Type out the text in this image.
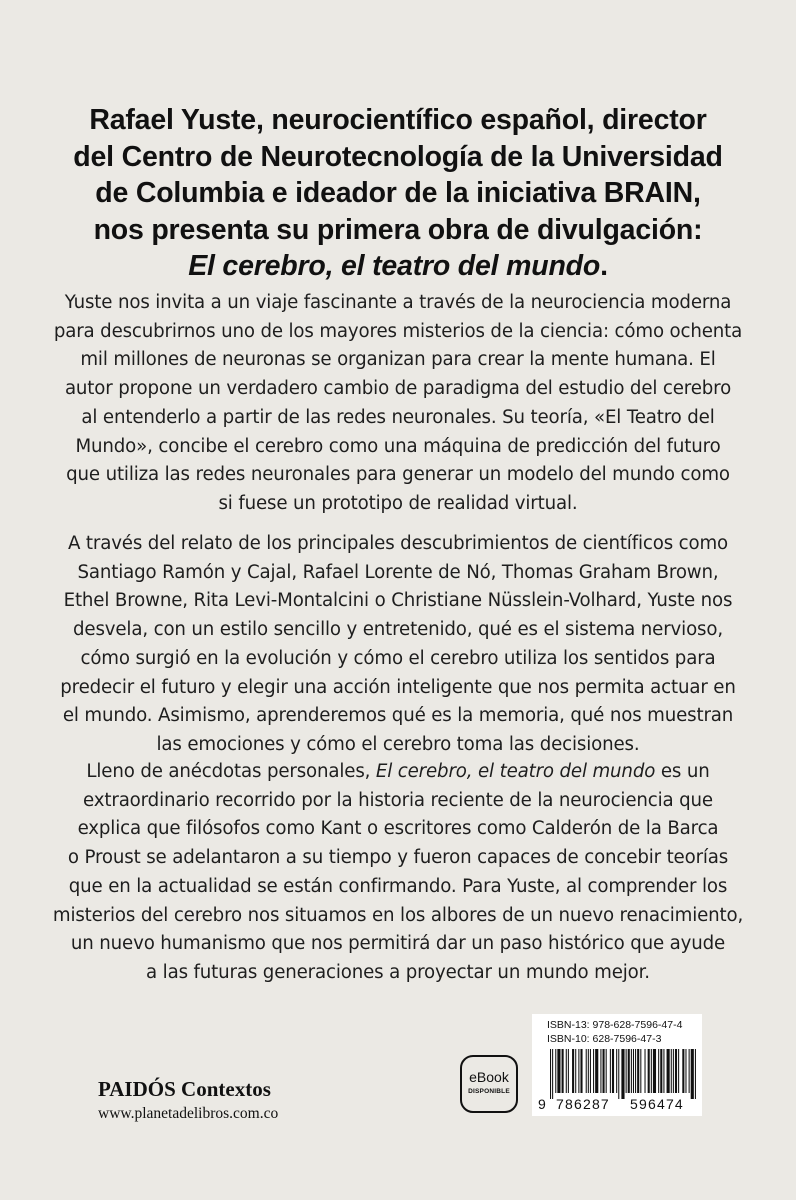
Rafael Yuste, neurocientífico español, director
del Centro de Neurotecnología de la Universidad
de Columbia e ideador de la iniciativa BRAIN,
nos presenta su primera obra de divulgación:
El cerebro, el teatro del mundo.
Yuste nos invita a un viaje fascinante a través de la neurociencia moderna
para descubrirnos uno de los mayores misterios de la ciencia: cómo ochenta
mil millones de neuronas se organizan para crear la mente humana. El
autor propone un verdadero cambio de paradigma del estudio del cerebro
al entenderlo a partir de las redes neuronales. Su teoría, «El Teatro del
Mundo», concibe el cerebro como una máquina de predicción del futuro
que utiliza las redes neuronales para generar un modelo del mundo como
si fuese un prototipo de realidad virtual.
A través del relato de los principales descubrimientos de científicos como
Santiago Ramón y Cajal, Rafael Lorente de Nó, Thomas Graham Brown,
Ethel Browne, Rita Levi-Montalcini o Christiane Nüsslein-Volhard, Yuste nos
desvela, con un estilo sencillo y entretenido, qué es el sistema nervioso,
cómo surgió en la evolución y cómo el cerebro utiliza los sentidos para
predecir el futuro y elegir una acción inteligente que nos permita actuar en
el mundo. Asimismo, aprenderemos qué es la memoria, qué nos muestran
las emociones y cómo el cerebro toma las decisiones.
Lleno de anécdotas personales, El cerebro, el teatro del mundo es un
extraordinario recorrido por la historia reciente de la neurociencia que
explica que filósofos como Kant o escritores como Calderón de la Barca
o Proust se adelantaron a su tiempo y fueron capaces de concebir teorías
que en la actualidad se están confirmando. Para Yuste, al comprender los
misterios del cerebro nos situamos en los albores de un nuevo renacimiento,
un nuevo humanismo que nos permitirá dar un paso histórico que ayude
a las futuras generaciones a proyectar un mundo mejor.
PAIDÓS Contextos
www.planetadelibros.com.co
eBook
DISPONIBLE
ISBN-13: 978-628-7596-47-4
ISBN-10: 628-7596-47-3
9 786287 596474
